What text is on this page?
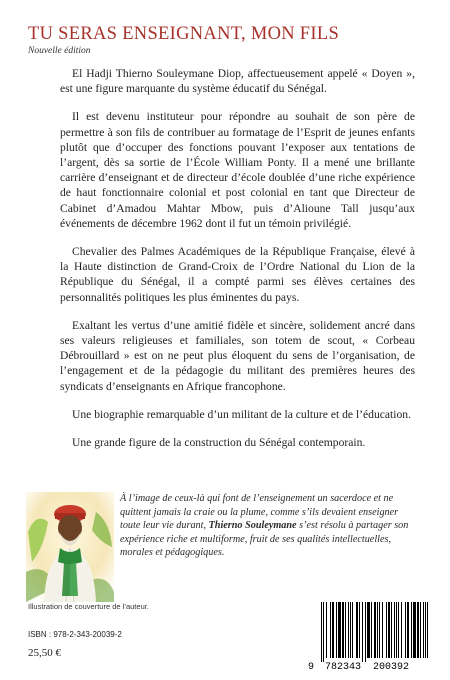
TU SERAS ENSEIGNANT, MON FILS
Nouvelle édition

El Hadji Thierno Souleymane Diop, affectueusement appelé « Doyen », est une figure marquante du système éducatif du Sénégal.

Il est devenu instituteur pour répondre au souhait de son père de permettre à son fils de contribuer au formatage de l’Esprit de jeunes enfants plutôt que d’occuper des fonctions pouvant l’exposer aux tentations de l’argent, dès sa sortie de l’École William Ponty. Il a mené une brillante carrière d’enseignant et de directeur d’école doublée d’une riche expérience de haut fonctionnaire colonial et post colonial en tant que Directeur de Cabinet d’Amadou Mahtar Mbow, puis d’Alioune Tall jusqu’aux événements de décembre 1962 dont il fut un témoin privilégié.

Chevalier des Palmes Académiques de la République Française, élevé à la Haute distinction de Grand-Croix de l’Ordre National du Lion de la République du Sénégal, il a compté parmi ses élèves certaines des personnalités politiques les plus éminentes du pays.

Exaltant les vertus d’une amitié fidèle et sincère, solidement ancré dans ses valeurs religieuses et familiales, son totem de scout, « Corbeau Débrouillard » est on ne peut plus éloquent du sens de l’organisation, de l’engagement et de la pédagogie du militant des premières heures des syndicats d’enseignants en Afrique francophone.

Une biographie remarquable d’un militant de la culture et de l’éducation.

Une grande figure de la construction du Sénégal contemporain.

À l’image de ceux-là qui font de l’enseignement un sacerdoce et ne quittent jamais la craie ou la plume, comme s’ils devaient enseigner toute leur vie durant, Thierno Souleymane s’est résolu à partager son expérience riche et multiforme, fruit de ses qualités intellectuelles, morales et pédagogiques.
Illustration de couverture de l’auteur.
ISBN : 978-2-343-20039-2
25,50 €
9 782343 200392
